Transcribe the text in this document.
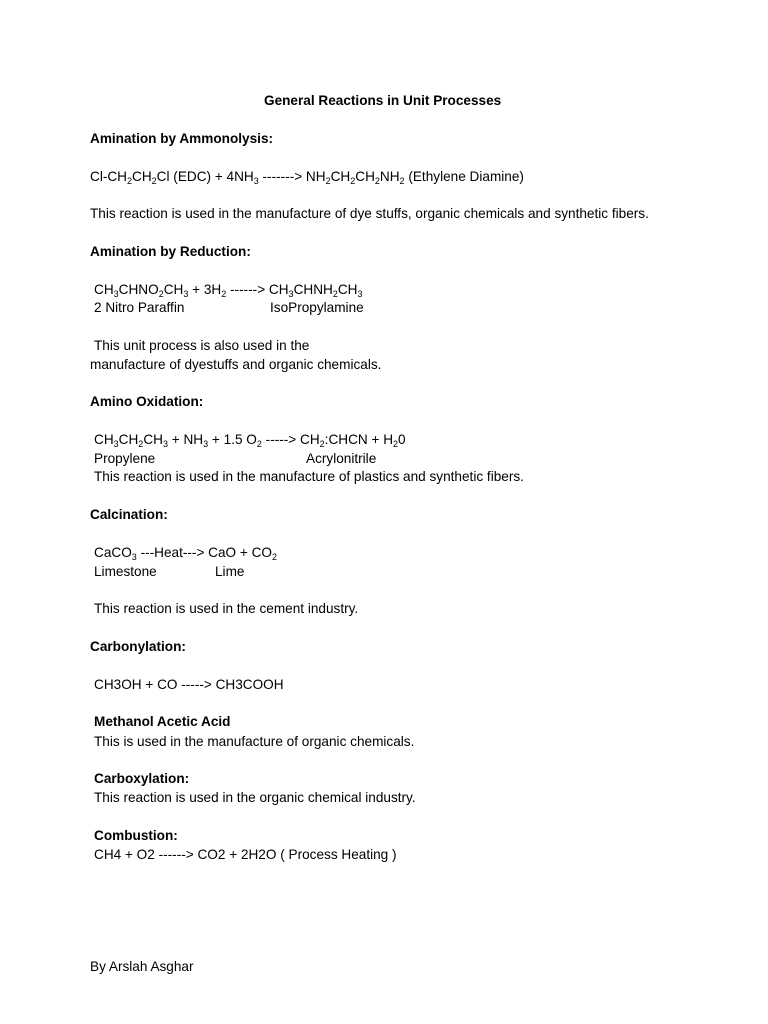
General Reactions in Unit Processes
Amination by Ammonolysis:
$Cl-CH_2CH_2Cl$ $(EDC) + 4NH_3$ -------> $NH_2CH_2CH_2NH_2$ (Ethylene Diamine)
This reaction is used in the manufacture of dye stuffs, organic chemicals and synthetic fibers.
Amination by Reduction:
$CH_3CHNO_2CH_3 + 3H_2$ ------> $CH_3CHNH_2CH_3$
2 Nitro Paraffin	IsoPropylamine
This unit process is also used in the
manufacture of dyestuffs and organic chemicals.
Amino Oxidation:
$CH_3CH_2CH_3 + NH_3 + 1.5$ $O_2$ -----> $CH_2:CHCN + H_20$
Propylene	Acrylonitrile
This reaction is used in the manufacture of plastics and synthetic fibers.
Calcination:
CaCO$_3$ ---Heat---> CaO + $CO_2$
Limestone	Lime
This reaction is used in the cement industry.
Carbonylation:
CH3OH + CO -----> CH3COOH
Methanol Acetic Acid
This is used in the manufacture of organic chemicals.
Carboxylation:
This reaction is used in the organic chemical industry.
Combustion:
CH4 + O2 ------> CO2 + 2H2O ( Process Heating )
By Arslah Asghar
